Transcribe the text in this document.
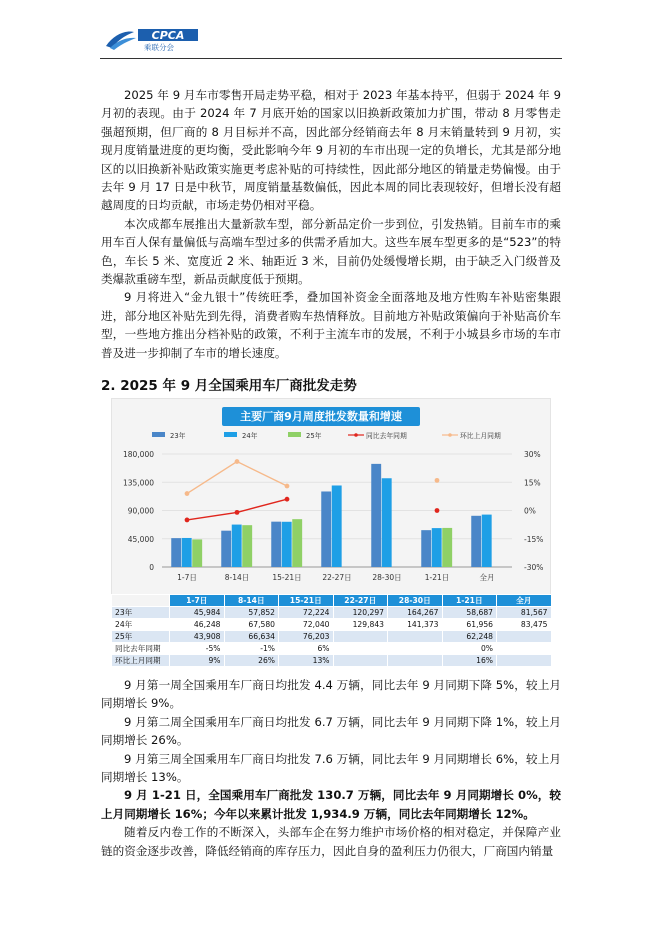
CPCA
乘联分会

2025 年 9 月车市零售开局走势平稳，相对于 2023 年基本持平，但弱于 2024 年 9 月初的表现。由于 2024 年 7 月底开始的国家以旧换新政策加力扩围，带动 8 月零售走强超预期，但厂商的 8 月目标并不高，因此部分经销商去年 8 月末销量转到 9 月初，实现月度销量进度的更均衡，受此影响今年 9 月初的车市出现一定的负增长，尤其是部分地区的以旧换新补贴政策实施更考虑补贴的可持续性，因此部分地区的销量走势偏慢。由于去年 9 月 17 日是中秋节，周度销量基数偏低，因此本周的同比表现较好，但增长没有超越周度的日均贡献，市场走势仍相对平稳。

本次成都车展推出大量新款车型，部分新品定价一步到位，引发热销。目前车市的乘用车百人保有量偏低与高端车型过多的供需矛盾加大。这些车展车型更多的是“523”的特色，车长 5 米、宽度近 2 米、轴距近 3 米，目前仍处缓慢增长期，由于缺乏入门级普及类爆款重磅车型，新品贡献度低于预期。

9 月将进入“金九银十”传统旺季，叠加国补资金全面落地及地方性购车补贴密集跟进，部分地区补贴先到先得，消费者购车热情释放。目前地方补贴政策偏向于补贴高价车型，一些地方推出分档补贴的政策，不利于主流车市的发展，不利于小城县乡市场的车市普及进一步抑制了车市的增长速度。

2. 2025 年 9 月全国乘用车厂商批发走势
主要厂商9月周度批发数量和增速
0
45,000
90,000
135,000
180,000
-30%
-15%
0%
15%
30%
23年	24年	25年	同比去年同期	环比上月同期
1-7日	8-14日	15-21日	22-27日	28-30日	1-21日	全月
	1-7日	8-14日	15-21日	22-27日	28-30日	1-21日	全月
23年	45,984	57,852	72,224	120,297	164,267	58,687	81,567
24年	46,248	67,580	72,040	129,843	141,373	61,956	83,475
25年	43,908	66,634	76,203			62,248	
同比去年同期	-5%	-1%	6%			0%	
环比上月同期	9%	26%	13%			16%	

9 月第一周全国乘用车厂商日均批发 4.4 万辆，同比去年 9 月同期下降 5%，较上月同期增长 9%。

9 月第二周全国乘用车厂商日均批发 6.7 万辆，同比去年 9 月同期下降 1%，较上月同期增长 26%。

9 月第三周全国乘用车厂商日均批发 7.6 万辆，同比去年 9 月同期增长 6%，较上月同期增长 13%。

9 月 1-21 日，全国乘用车厂商批发 130.7 万辆，同比去年 9 月同期增长 0%，较上月同期增长 16%；今年以来累计批发 1,934.9 万辆，同比去年同期增长 12%。

随着反内卷工作的不断深入，头部车企在努力维护市场价格的相对稳定，并保障产业链的资金逐步改善，降低经销商的库存压力，因此自身的盈利压力仍很大，厂商国内销量
